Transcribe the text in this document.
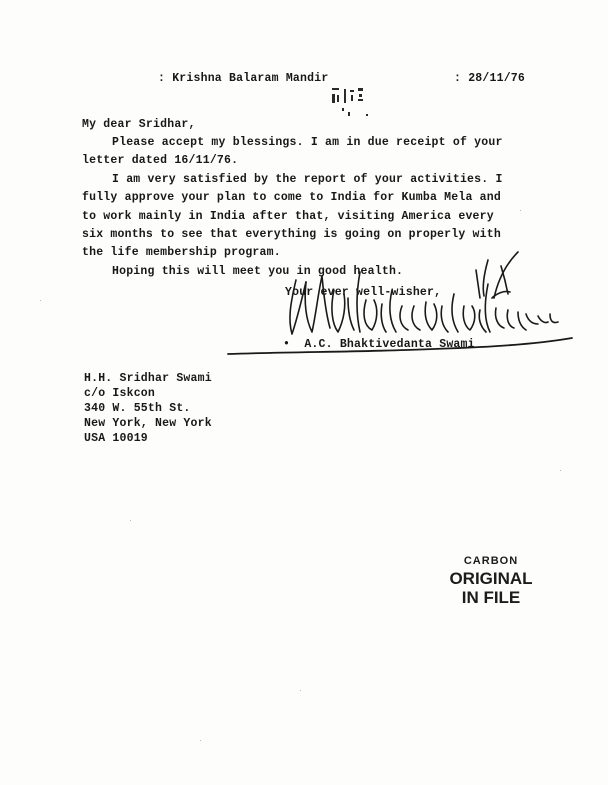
: Krishna Balaram Mandir	: 28/11/76
My dear Sridhar,
Please accept my blessings. I am in due receipt of your
letter dated 16/11/76.
I am very satisfied by the report of your activities. I
fully approve your plan to come to India for Kumba Mela and
to work mainly in India after that, visiting America every
six months to see that everything is going on properly with
the life membership program.
Hoping this will meet you in good health.
Your ever well-wisher,
•  A.C. Bhaktivedanta Swami
H.H. Sridhar Swami
c/o Iskcon
340 W. 55th St.
New York, New York
USA 10019
CARBON
ORIGINAL
IN FILE
